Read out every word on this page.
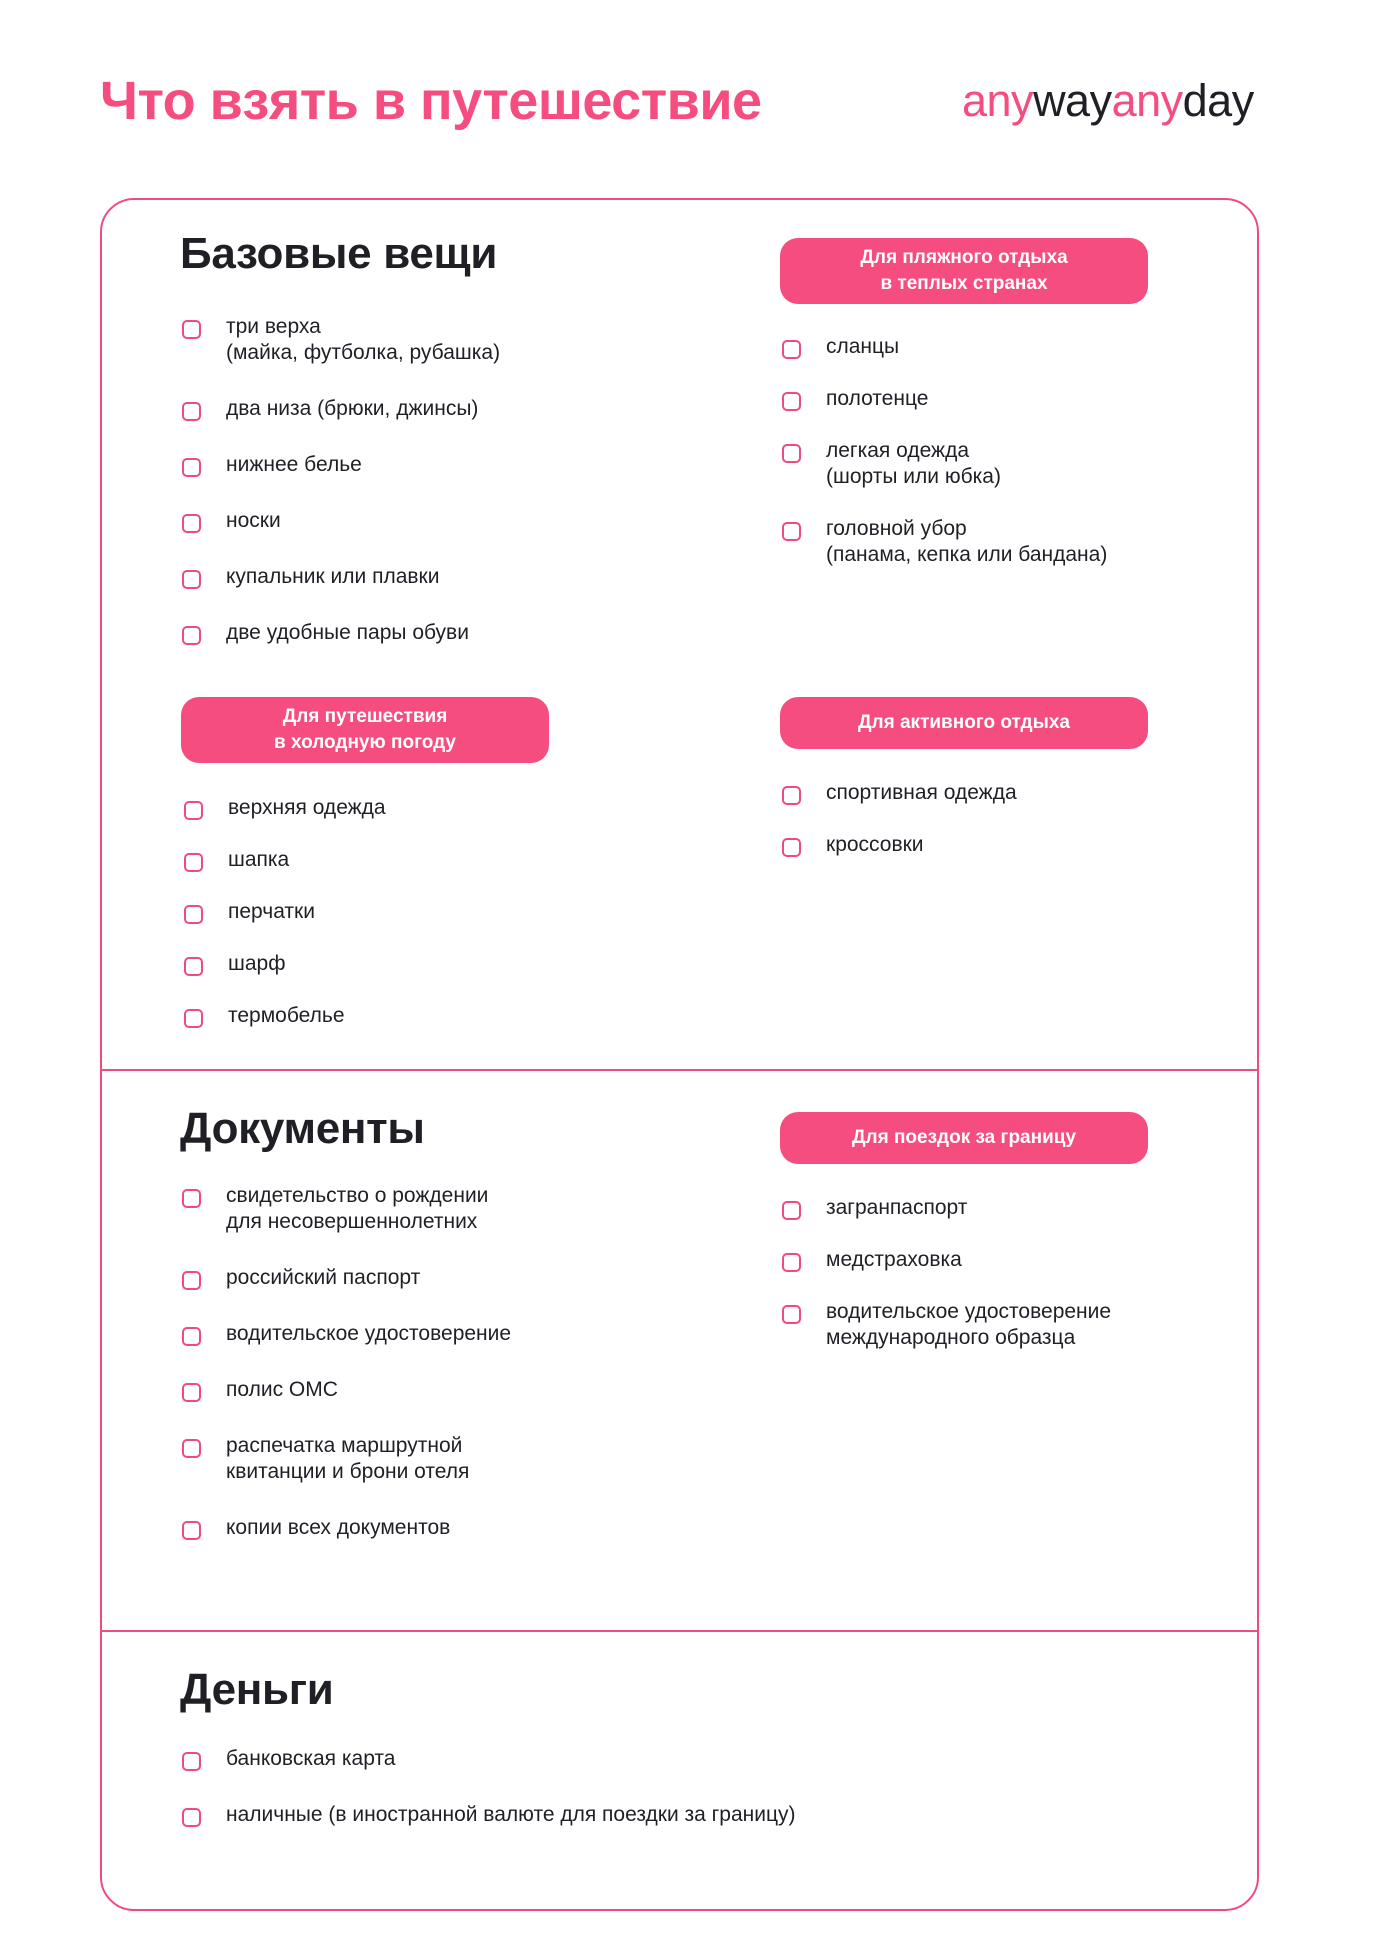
Что взять в путешествие	anywayanyday
Базовые вещи
три верха
(майка, футболка, рубашка)
два низа (брюки, джинсы)
нижнее белье
носки
купальник или плавки
две удобные пары обуви
Для пляжного отдыха
в теплых странах
сланцы
полотенце
легкая одежда
(шорты или юбка)
головной убор
(панама, кепка или бандана)
Для путешествия
в холодную погоду
верхняя одежда
шапка
перчатки
шарф
термобелье
Для активного отдыха
спортивная одежда
кроссовки
Документы
свидетельство о рождении
для несовершеннолетних
российский паспорт
водительское удостоверение
полис ОМС
распечатка маршрутной
квитанции и брони отеля
копии всех документов
Для поездок за границу
загранпаспорт
медстраховка
водительское удостоверение
международного образца
Деньги
банковская карта
наличные (в иностранной валюте для поездки за границу)
